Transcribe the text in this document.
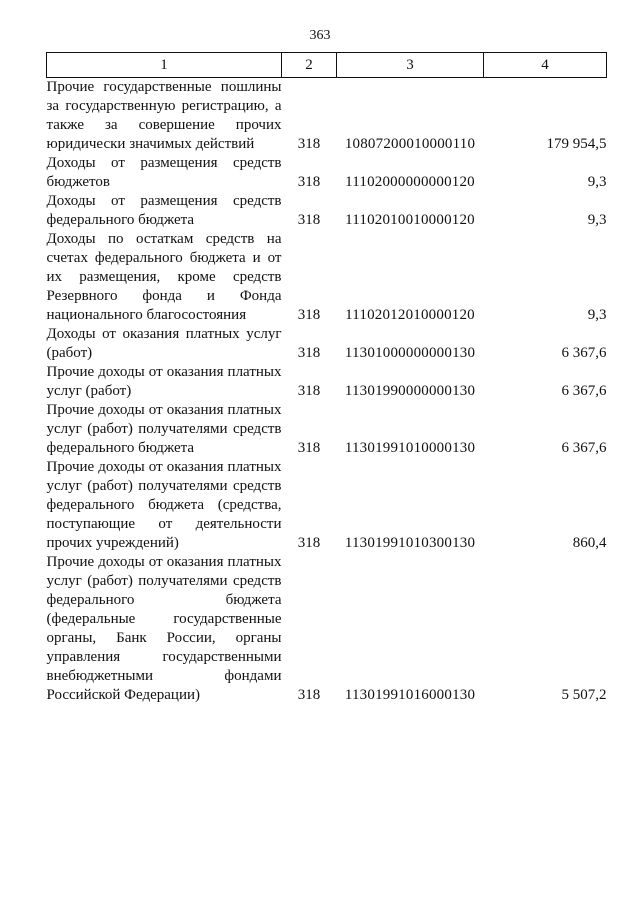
363
1	2	3	4

Прочие государственные пошлины за государственную регистрацию, а также за совершение прочих юридически значимых действий	318	10807200010000110	179 954,5

Доходы от размещения средств бюджетов	318	11102000000000120	9,3

Доходы от размещения средств федерального бюджета	318	11102010010000120	9,3

Доходы по остаткам средств на счетах федерального бюджета и от их размещения, кроме средств Резервного фонда и Фонда национального благосостояния	318	11102012010000120	9,3

Доходы от оказания платных услуг (работ)	318	11301000000000130	6 367,6

Прочие доходы от оказания платных услуг (работ)	318	11301990000000130	6 367,6

Прочие доходы от оказания платных услуг (работ) получателями средств федерального бюджета	318	11301991010000130	6 367,6

Прочие доходы от оказания платных услуг (работ) получателями средств федерального бюджета (средства, поступающие от деятельности прочих учреждений)	318	11301991010300130	860,4

Прочие доходы от оказания платных услуг (работ) получателями средств федерального бюджета (федеральные государственные органы, Банк России, органы управления государственными внебюджетными фондами Российской Федерации)	318	11301991016000130	5 507,2
